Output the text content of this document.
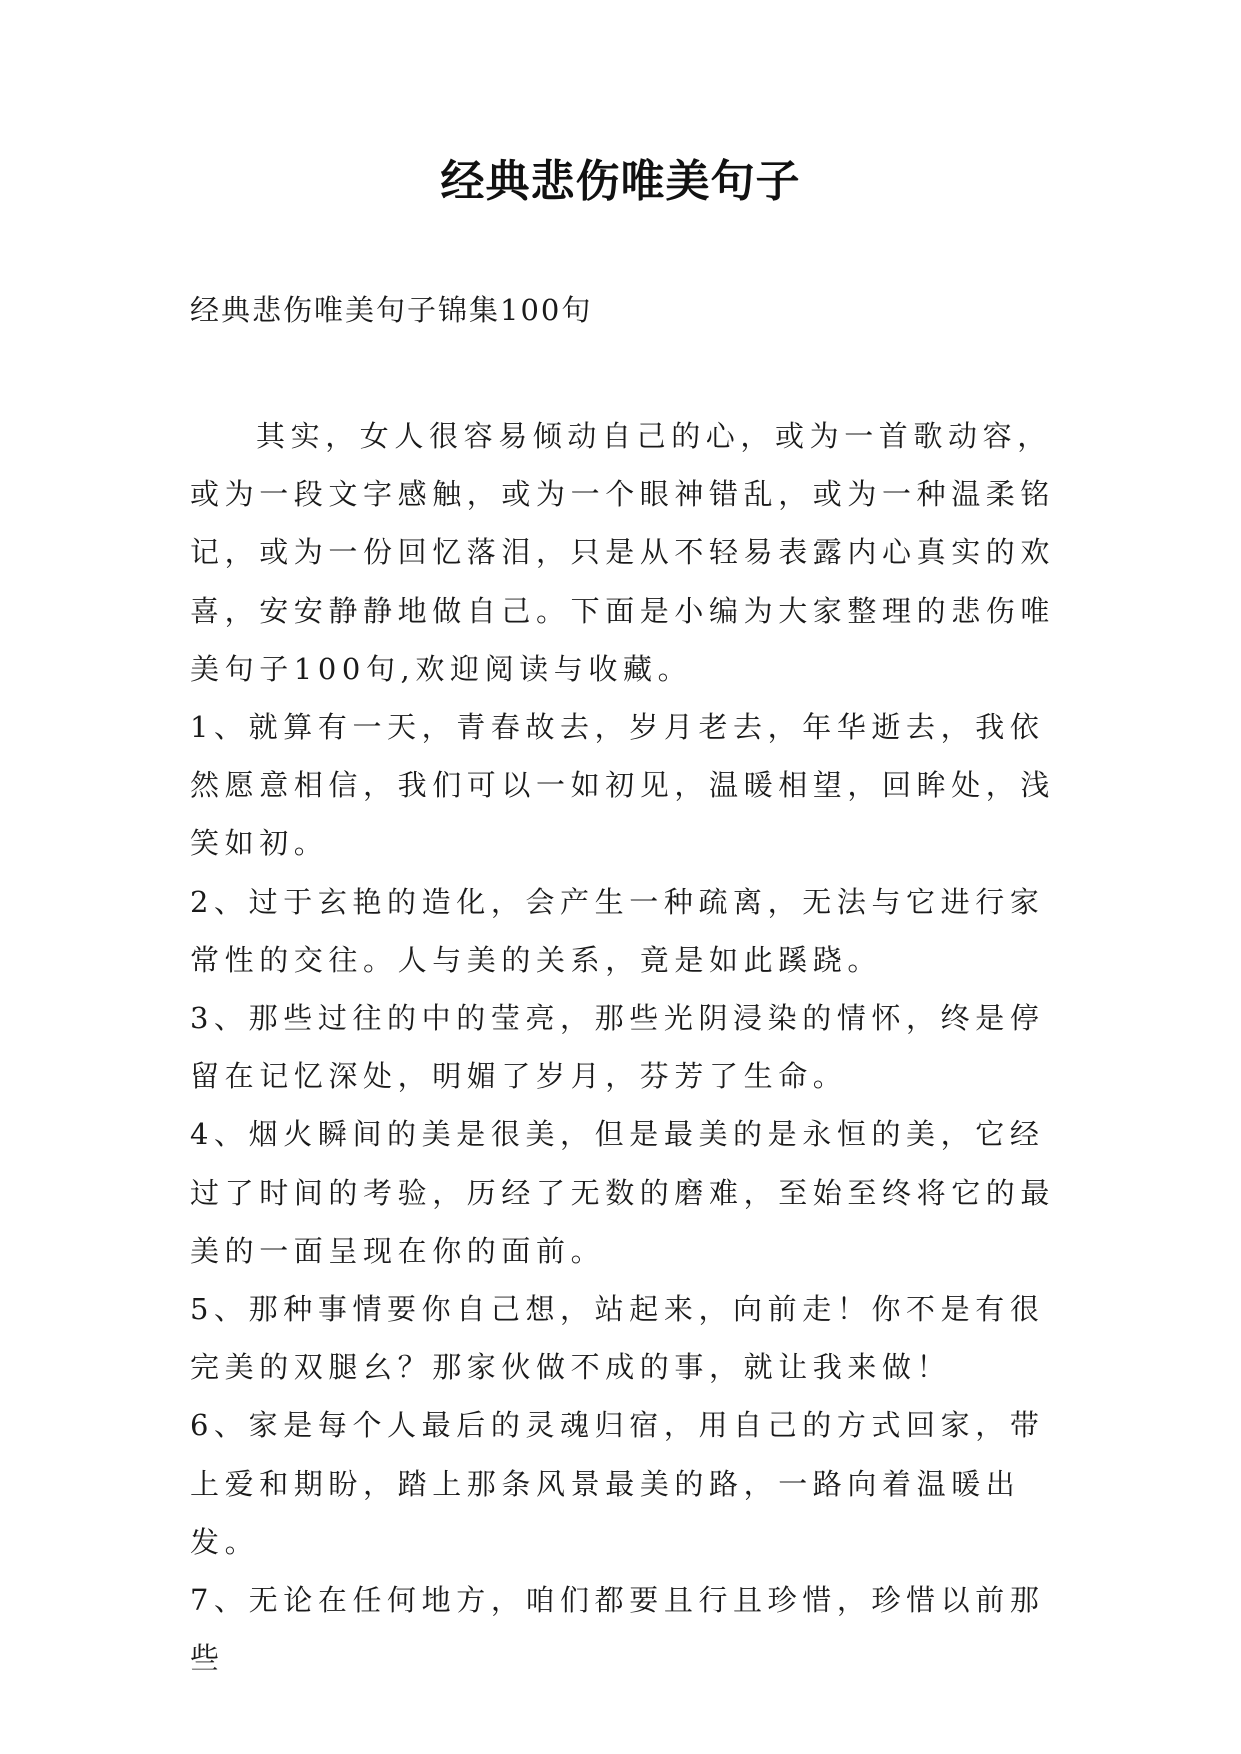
经典悲伤唯美句子

经典悲伤唯美句子锦集100句

其实，女人很容易倾动自己的心，或为一首歌动容，或为一段文字感触，或为一个眼神错乱，或为一种温柔铭记，或为一份回忆落泪，只是从不轻易表露内心真实的欢喜，安安静静地做自己。下面是小编为大家整理的悲伤唯美句子100句,欢迎阅读与收藏。

1、就算有一天，青春故去，岁月老去，年华逝去，我依然愿意相信，我们可以一如初见，温暖相望，回眸处，浅笑如初。

2、过于玄艳的造化，会产生一种疏离，无法与它进行家常性的交往。人与美的关系，竟是如此蹊跷。

3、那些过往的中的莹亮，那些光阴浸染的情怀，终是停留在记忆深处，明媚了岁月，芬芳了生命。

4、烟火瞬间的美是很美，但是最美的是永恒的美，它经过了时间的考验，历经了无数的磨难，至始至终将它的最美的一面呈现在你的面前。

5、那种事情要你自己想，站起来，向前走！你不是有很完美的双腿幺？那家伙做不成的事，就让我来做！

6、家是每个人最后的灵魂归宿，用自己的方式回家，带上爱和期盼，踏上那条风景最美的路，一路向着温暖出发。

7、无论在任何地方，咱们都要且行且珍惜，珍惜以前那些
